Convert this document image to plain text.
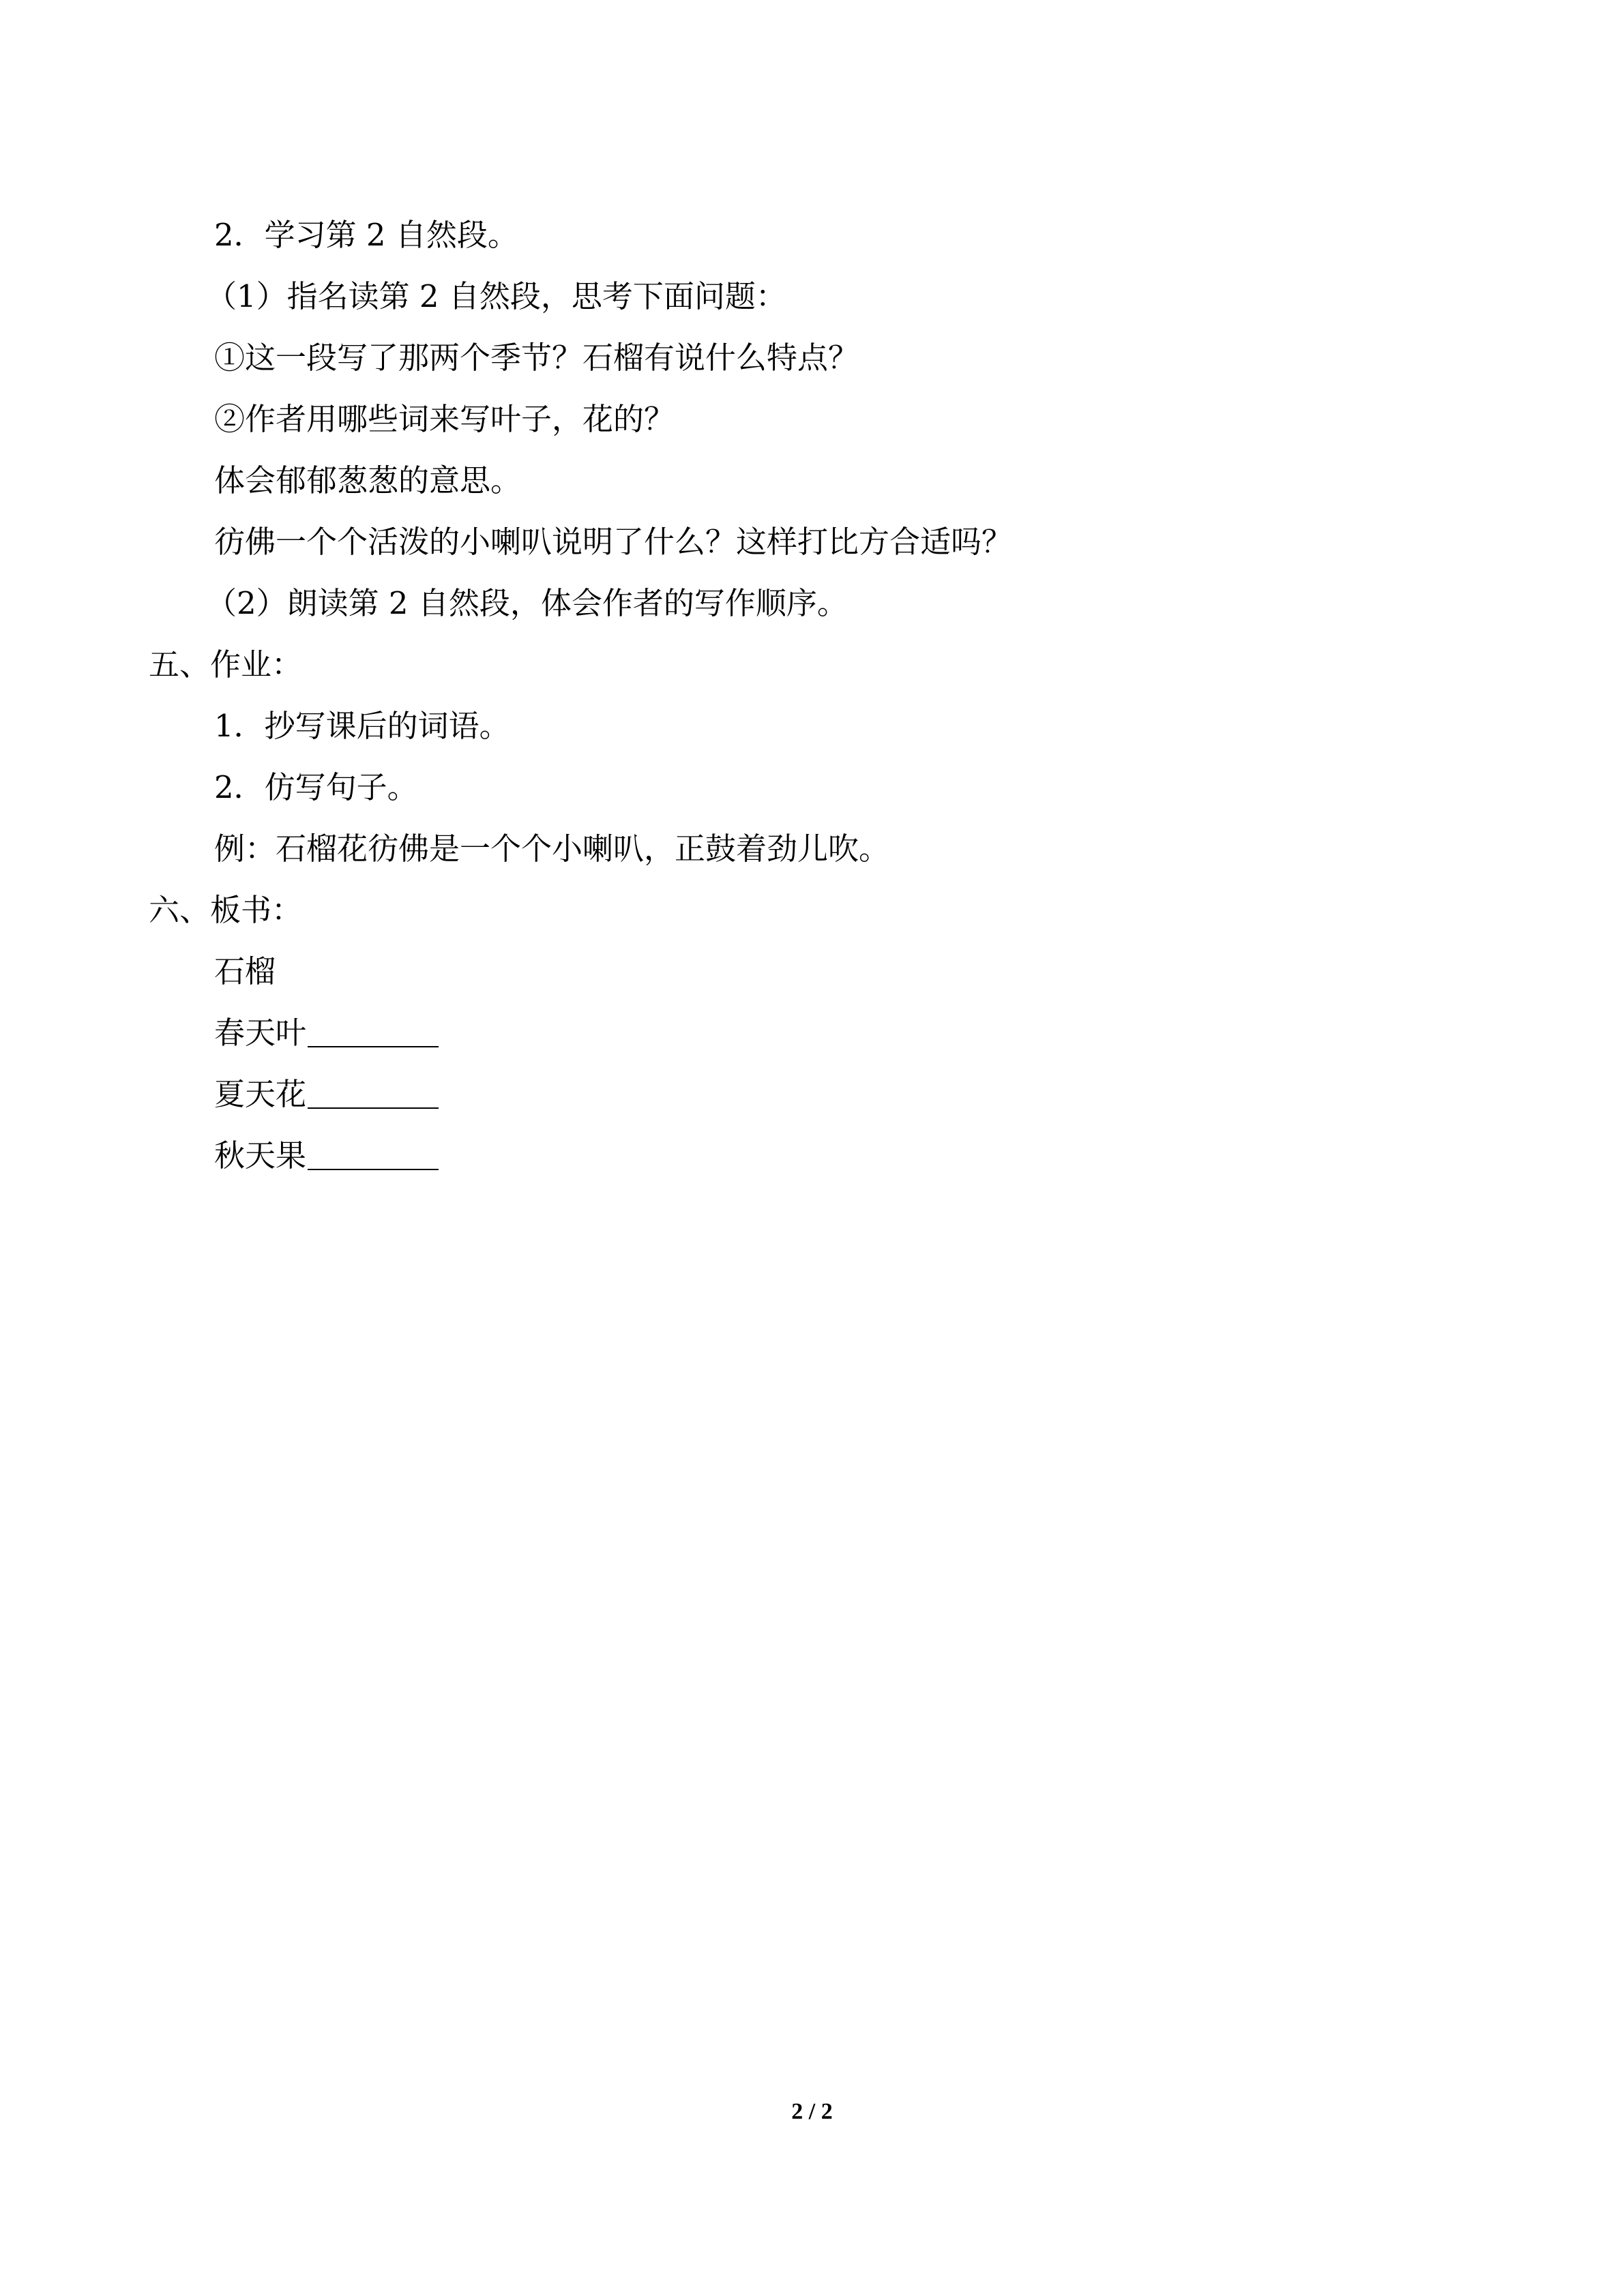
2．学习第 2 自然段。
（1）指名读第 2 自然段，思考下面问题：
①这一段写了那两个季节？石榴有说什么特点？
②作者用哪些词来写叶子，花的？
体会郁郁葱葱的意思。
彷佛一个个活泼的小喇叭说明了什么？这样打比方合适吗？
（2）朗读第 2 自然段，体会作者的写作顺序。
五、作业：
1．抄写课后的词语。
2．仿写句子。
例：石榴花彷佛是一个个小喇叭，正鼓着劲儿吹。
六、板书：
石榴
春天叶
夏天花
秋天果
2 / 2
